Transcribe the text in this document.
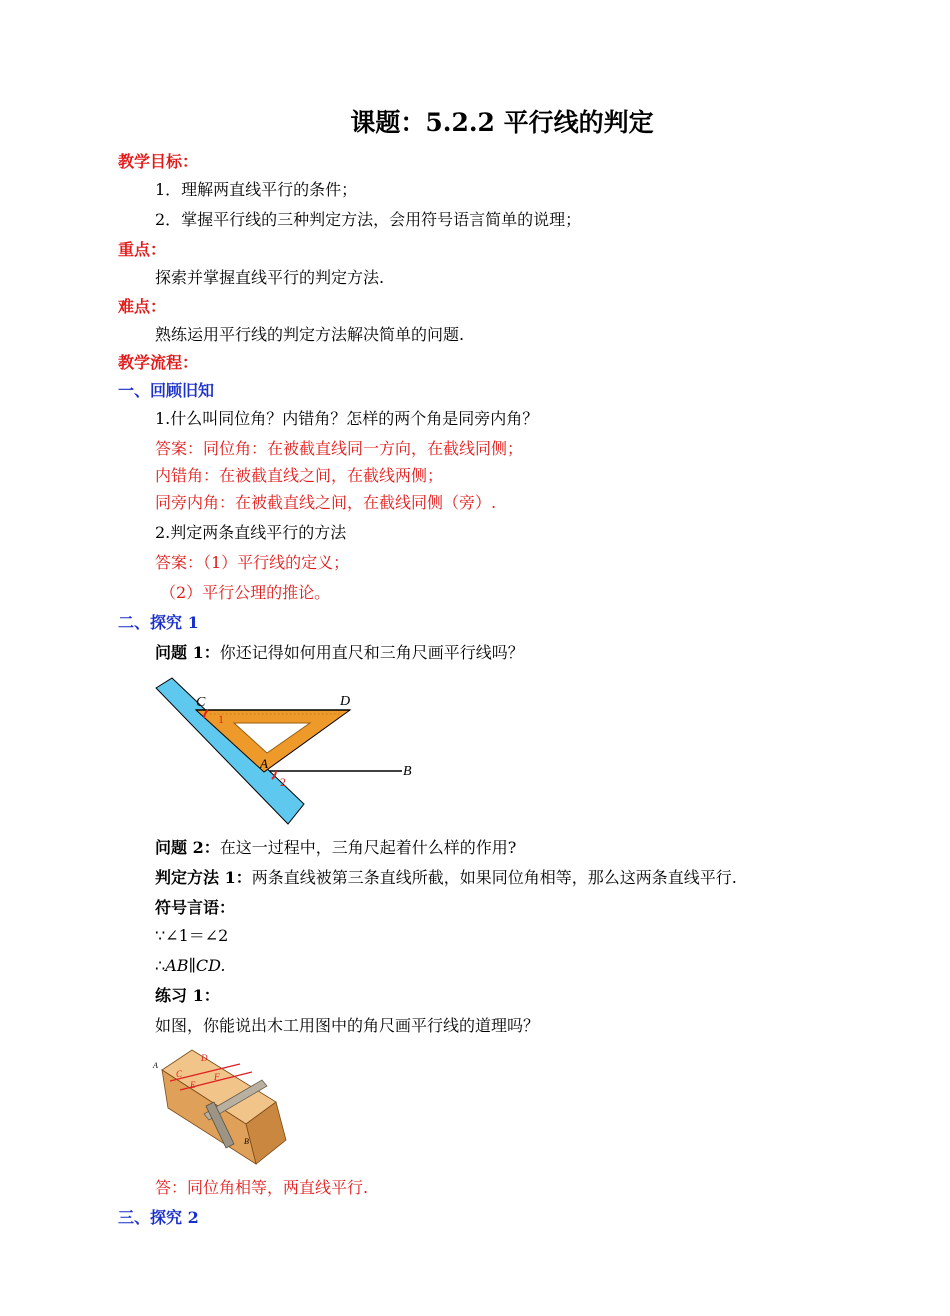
课题：5.2.2 平行线的判定
教学目标：
1．理解两直线平行的条件；
2．掌握平行线的三种判定方法，会用符号语言简单的说理；
重点：
探索并掌握直线平行的判定方法.
难点：
熟练运用平行线的判定方法解决简单的问题.
教学流程：
一、回顾旧知
1.什么叫同位角？内错角？怎样的两个角是同旁内角？
答案：同位角：在被截直线同一方向，在截线同侧；
内错角：在被截直线之间，在截线两侧；
同旁内角：在被截直线之间，在截线同侧（旁）.
2.判定两条直线平行的方法
答案：（1）平行线的定义；
（2）平行公理的推论。
二、探究 1
问题 1：你还记得如何用直尺和三角尺画平行线吗？
C	D
A
B
1
2
问题 2：在这一过程中，三角尺起着什么样的作用?
判定方法 1：两条直线被第三条直线所截，如果同位角相等，那么这两条直线平行.
符号言语：
∵∠1＝∠2
∴AB∥CD.
练习 1：
如图，你能说出木工用图中的角尺画平行线的道理吗？
A
C
D
E
F
B
答：同位角相等，两直线平行.
三、探究 2
